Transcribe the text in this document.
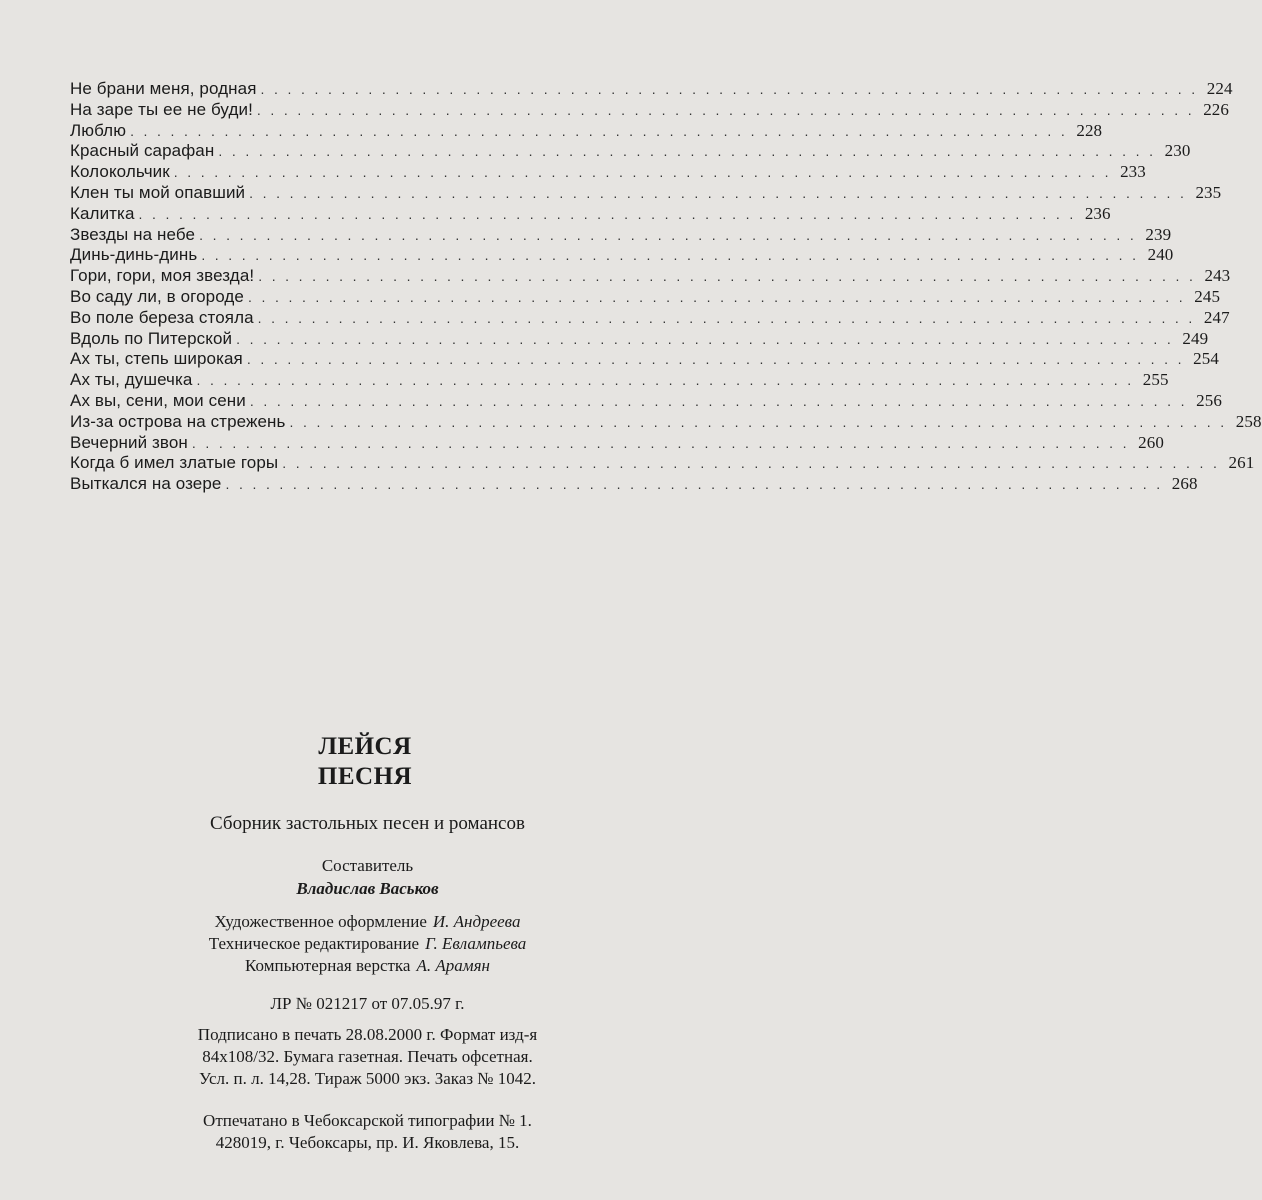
Не брани меня, родная ...................................................................... 224
На заре ты ее не буди! ...................................................................... 226
Люблю ...................................................................... 228
Красный сарафан ...................................................................... 230
Колокольчик ...................................................................... 233
Клен ты мой опавший ...................................................................... 235
Калитка ...................................................................... 236
Звезды на небе ...................................................................... 239
Динь-динь-динь ...................................................................... 240
Гори, гори, моя звезда! ...................................................................... 243
Во саду ли, в огороде ...................................................................... 245
Во поле береза стояла ...................................................................... 247
Вдоль по Питерской ...................................................................... 249
Ах ты, степь широкая ...................................................................... 254
Ах ты, душечка ...................................................................... 255
Ах вы, сени, мои сени ...................................................................... 256
Из-за острова на стрежень ...................................................................... 258
Вечерний звон ...................................................................... 260
Когда б имел златые горы ...................................................................... 261
Выткался на озере ...................................................................... 268
ЛЕЙСЯ
ПЕСНЯ
Сборник застольных песен и романсов
Составитель
Владислав Васьков
Художественное оформление И. Андреева
Техническое редактирование Г. Евлампьева
Компьютерная верстка А. Арамян
ЛР № 021217 от 07.05.97 г.
Подписано в печать 28.08.2000 г. Формат изд-я
84x108/32. Бумага газетная. Печать офсетная.
Усл. п. л. 14,28. Тираж 5000 экз. Заказ № 1042.
Отпечатано в Чебоксарской типографии № 1.
428019, г. Чебоксары, пр. И. Яковлева, 15.
